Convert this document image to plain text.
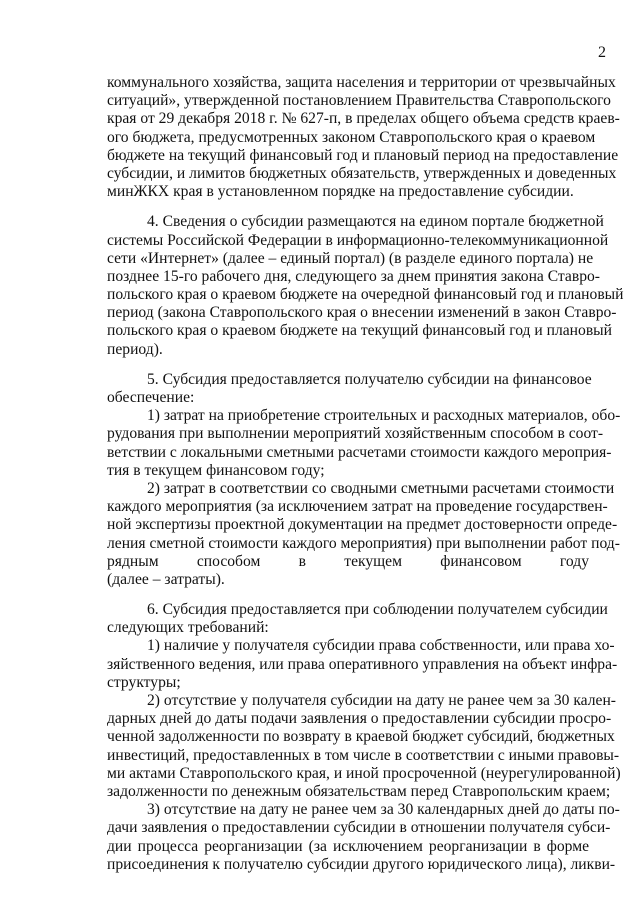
2
коммунального хозяйства, защита населения и территории от чрезвычайных
ситуаций», утвержденной постановлением Правительства Ставропольского
края от 29 декабря 2018 г. № 627-п, в пределах общего объема средств краев-
ого бюджета, предусмотренных законом Ставропольского края о краевом
бюджете на текущий финансовый год и плановый период на предоставление
субсидии, и лимитов бюджетных обязательств, утвержденных и доведенных
минЖКХ края в установленном порядке на предоставление субсидии.
4. Сведения о субсидии размещаются на едином портале бюджетной
системы Российской Федерации в информационно-телекоммуникационной
сети «Интернет» (далее – единый портал) (в разделе единого портала) не
позднее 15-го рабочего дня, следующего за днем принятия закона Ставро-
польского края о краевом бюджете на очередной финансовый год и плановый
период (закона Ставропольского края о внесении изменений в закон Ставро-
польского края о краевом бюджете на текущий финансовый год и плановый
период).
5. Субсидия предоставляется получателю субсидии на финансовое
обеспечение:
1) затрат на приобретение строительных и расходных материалов, обо-
рудования при выполнении мероприятий хозяйственным способом в соот-
ветствии с локальными сметными расчетами стоимости каждого мероприя-
тия в текущем финансовом году;
2) затрат в соответствии со сводными сметными расчетами стоимости
каждого мероприятия (за исключением затрат на проведение государствен-
ной экспертизы проектной документации на предмет достоверности опреде-
ления сметной стоимости каждого мероприятия) при выполнении работ под-
рядным способом в текущем финансовом году
(далее – затраты).
6. Субсидия предоставляется при соблюдении получателем субсидии
следующих требований:
1) наличие у получателя субсидии права собственности, или права хо-
зяйственного ведения, или права оперативного управления на объект инфра-
структуры;
2) отсутствие у получателя субсидии на дату не ранее чем за 30 кален-
дарных дней до даты подачи заявления о предоставлении субсидии просро-
ченной задолженности по возврату в краевой бюджет субсидий, бюджетных
инвестиций, предоставленных в том числе в соответствии с иными правовы-
ми актами Ставропольского края, и иной просроченной (неурегулированной)
задолженности по денежным обязательствам перед Ставропольским краем;
3) отсутствие на дату не ранее чем за 30 календарных дней до даты по-
дачи заявления о предоставлении субсидии в отношении получателя субси-
дии процесса реорганизации (за исключением реорганизации в форме
присоединения к получателю субсидии другого юридического лица), ликви-
